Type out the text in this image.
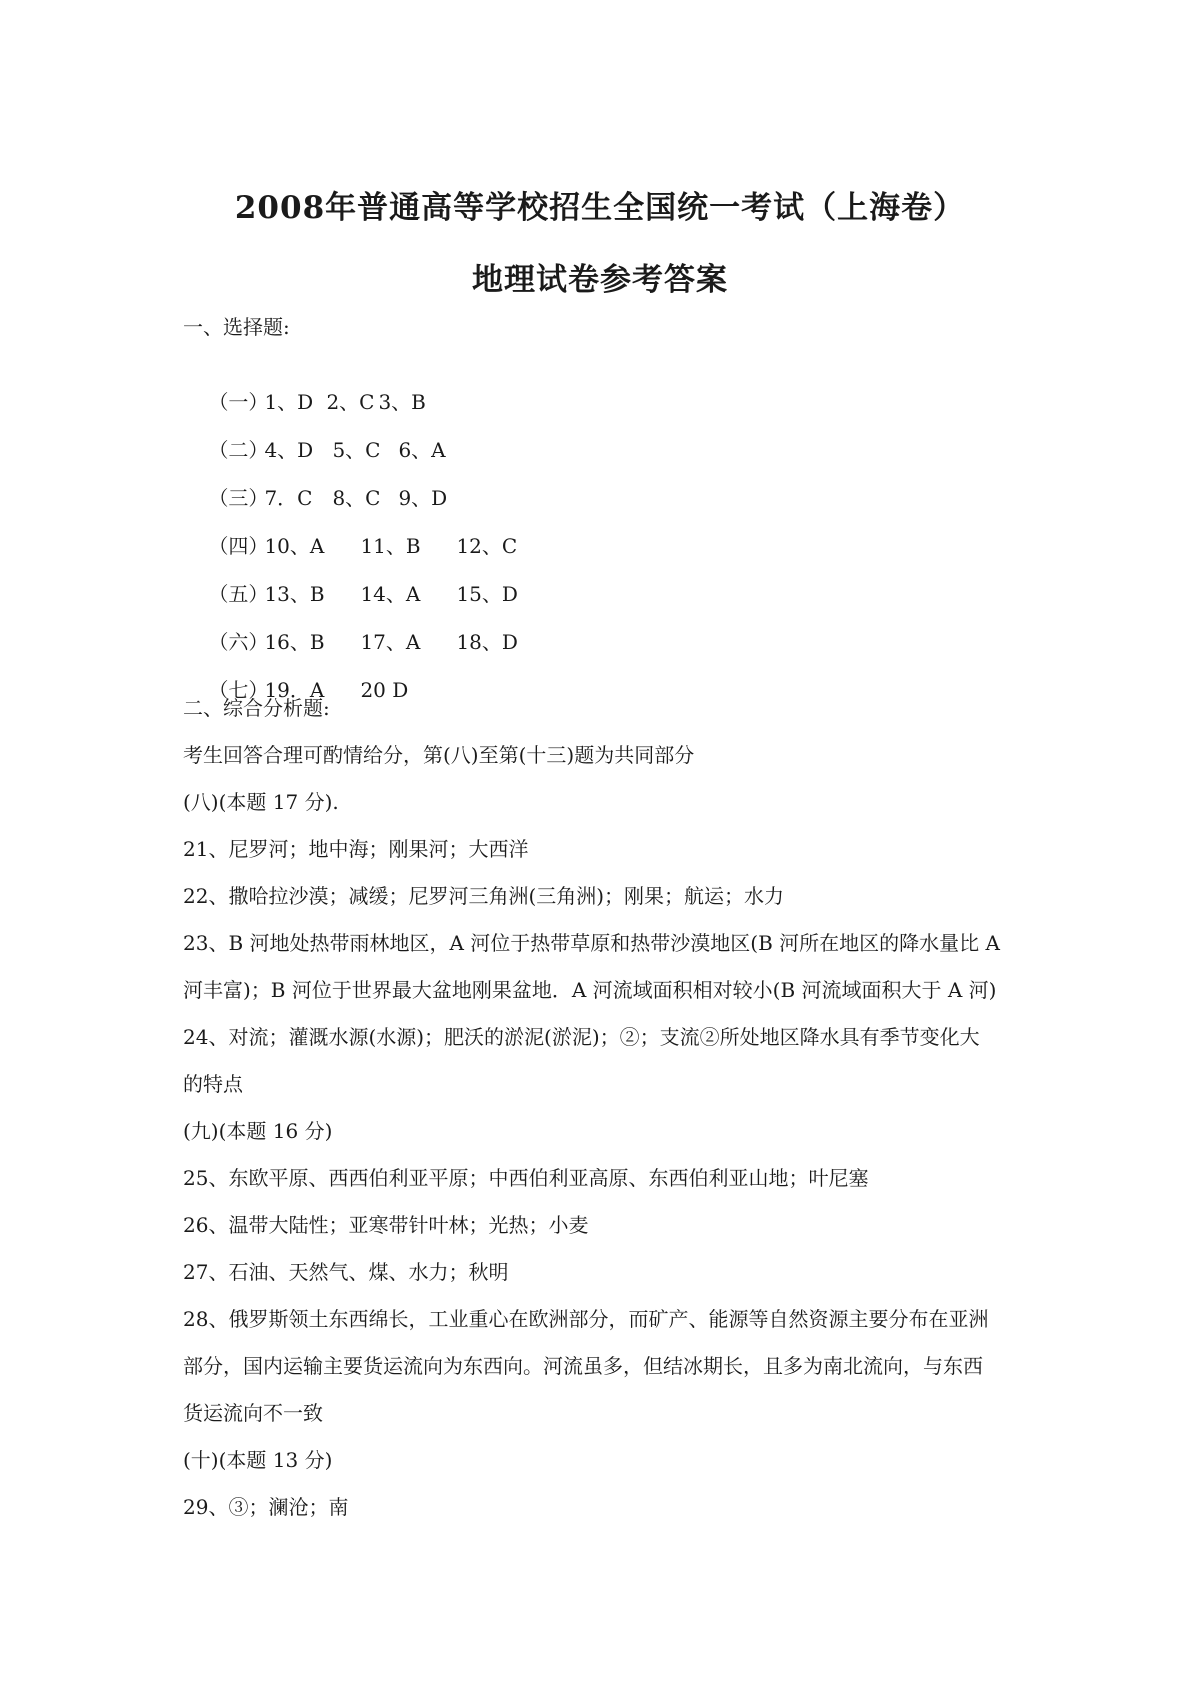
2008年普通高等学校招生全国统一考试（上海卷）
地理试卷参考答案
一、选择题:

（一）1、D 2、C 3、B

（二）4、D 5、C 6、A

（三）7．C 8、C 9、D

（四）10、A 11、B 12、C

（五）13、B 14、A 15、D

（六）16、B 17、A 18、D

（七）19．A 20 D

二、综合分析题:
考生回答合理可酌情给分，第(八)至第(十三)题为共同部分
(八)(本题 17 分).
21、尼罗河；地中海；刚果河；大西洋
22、撒哈拉沙漠；减缓；尼罗河三角洲(三角洲)；刚果；航运；水力
23、B 河地处热带雨林地区，A 河位于热带草原和热带沙漠地区(B 河所在地区的降水量比 A
河丰富)；B 河位于世界最大盆地刚果盆地．A 河流域面积相对较小(B 河流域面积大于 A 河)
24、对流；灌溉水源(水源)；肥沃的淤泥(淤泥)；②；支流②所处地区降水具有季节变化大
的特点
(九)(本题 16 分)
25、东欧平原、西西伯利亚平原；中西伯利亚高原、东西伯利亚山地；叶尼塞
26、温带大陆性；亚寒带针叶林；光热；小麦
27、石油、天然气、煤、水力；秋明
28、俄罗斯领土东西绵长，工业重心在欧洲部分，而矿产、能源等自然资源主要分布在亚洲
部分，国内运输主要货运流向为东西向。河流虽多，但结冰期长，且多为南北流向，与东西
货运流向不一致
(十)(本题 13 分)
29、③；澜沧；南
